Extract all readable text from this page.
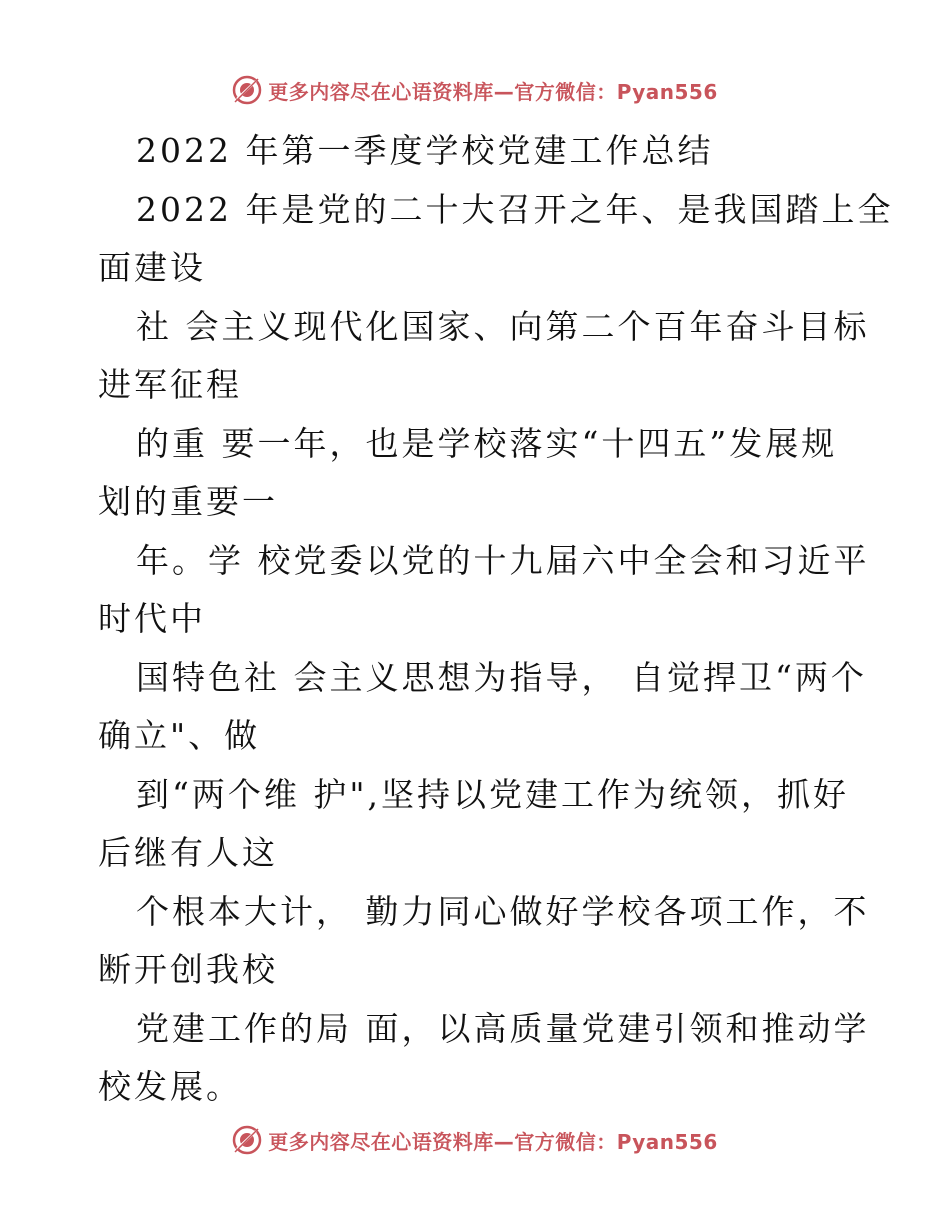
更多内容尽在心语资料库—官方微信：Pyan556

2022 年第一季度学校党建工作总结

2022 年是党的二十大召开之年、是我国踏上全

面建设

社 会主义现代化国家、向第二个百年奋斗目标

进军征程

的重 要一年，也是学校落实“十四五”发展规

划的重要一

年。学 校党委以党的十九届六中全会和习近平

时代中

国特色社 会主义思想为指导， 自觉捍卫“两个

确立"、做

到“两个维 护",坚持以党建工作为统领，抓好

后继有人这

个根本大计， 勤力同心做好学校各项工作，不

断开创我校

党建工作的局 面，以高质量党建引领和推动学

校发展。

更多内容尽在心语资料库—官方微信：Pyan556
